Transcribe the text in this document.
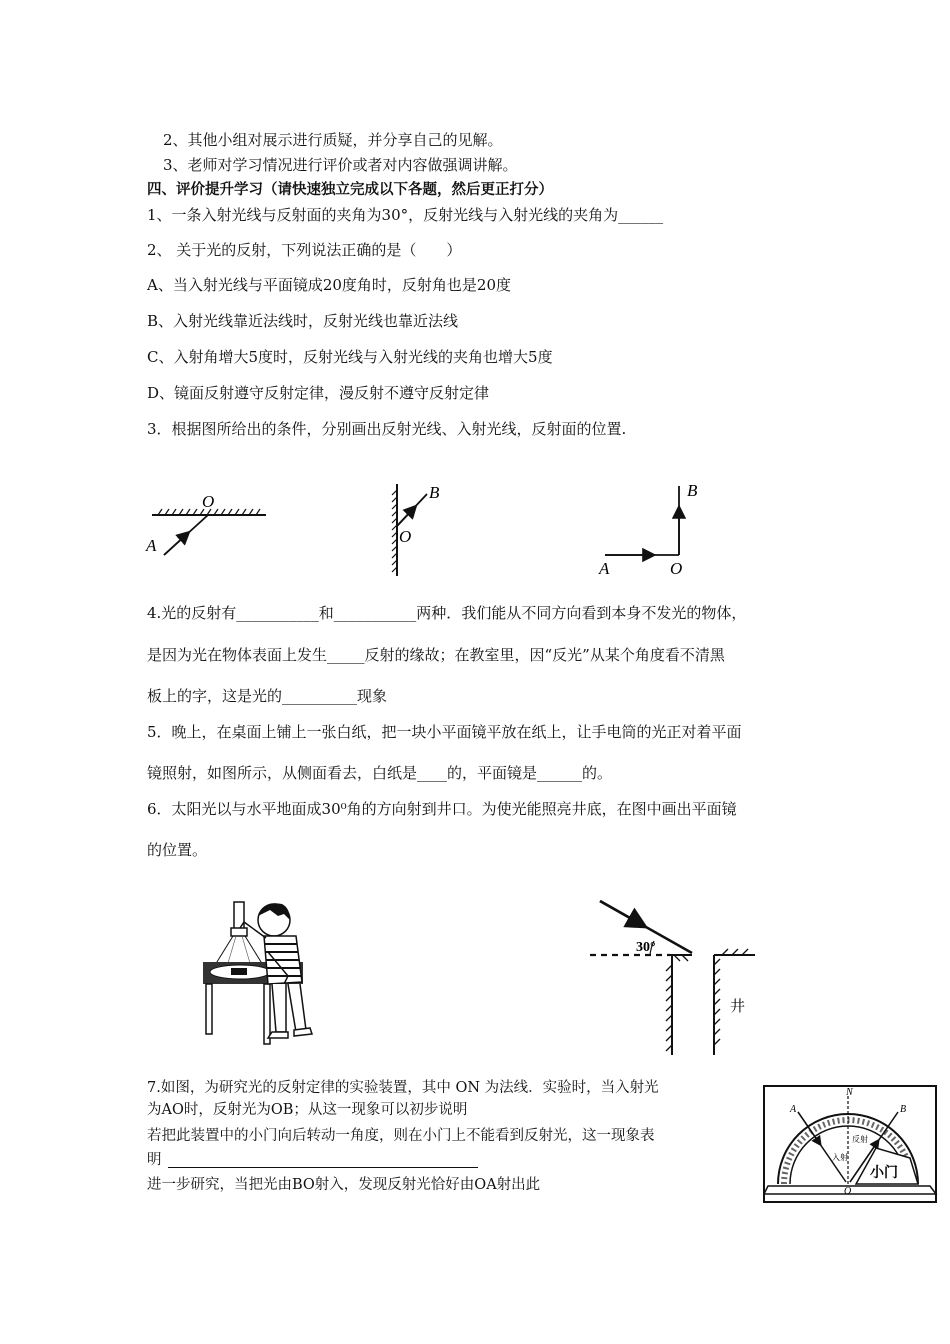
2、其他小组对展示进行质疑，并分享自己的见解。
3、老师对学习情况进行评价或者对内容做强调讲解。
四、评价提升学习（请快速独立完成以下各题，然后更正打分）
1、一条入射光线与反射面的夹角为30°，反射光线与入射光线的夹角为______
2、 关于光的反射，下列说法正确的是（　　）
A、当入射光线与平面镜成20度角时，反射角也是20度
B、入射光线靠近法线时，反射光线也靠近法线
C、入射角增大5度时，反射光线与入射光线的夹角也增大5度
D、镜面反射遵守反射定律，漫反射不遵守反射定律
3．根据图所给出的条件，分别画出反射光线、入射光线，反射面的位置.
O
A	O
B
A	O
B
4.光的反射有___________和___________两种．我们能从不同方向看到本身不发光的物体，
是因为光在物体表面上发生_____反射的缘故；在教室里，因“反光”从某个角度看不清黑
板上的字，这是光的__________现象
5．晚上，在桌面上铺上一张白纸，把一块小平面镜平放在纸上，让手电筒的光正对着平面
镜照射，如图所示，从侧面看去，白纸是____的，平面镜是______的。
6．太阳光以与水平地面成30⁰角的方向射到井口。为使光能照亮井底，在图中画出平面镜
的位置。
30°
井
7.如图，为研究光的反射定律的实验装置，其中 ON 为法线．实验时，当入射光
为AO时，反射光为OB；从这一现象可以初步说明
若把此装置中的小门向后转动一角度，则在小门上不能看到反射光，这一现象表
明
进一步研究，当把光由BO射入，发现反射光恰好由OA射出此
小门
N
A	B
O
入射
反射
